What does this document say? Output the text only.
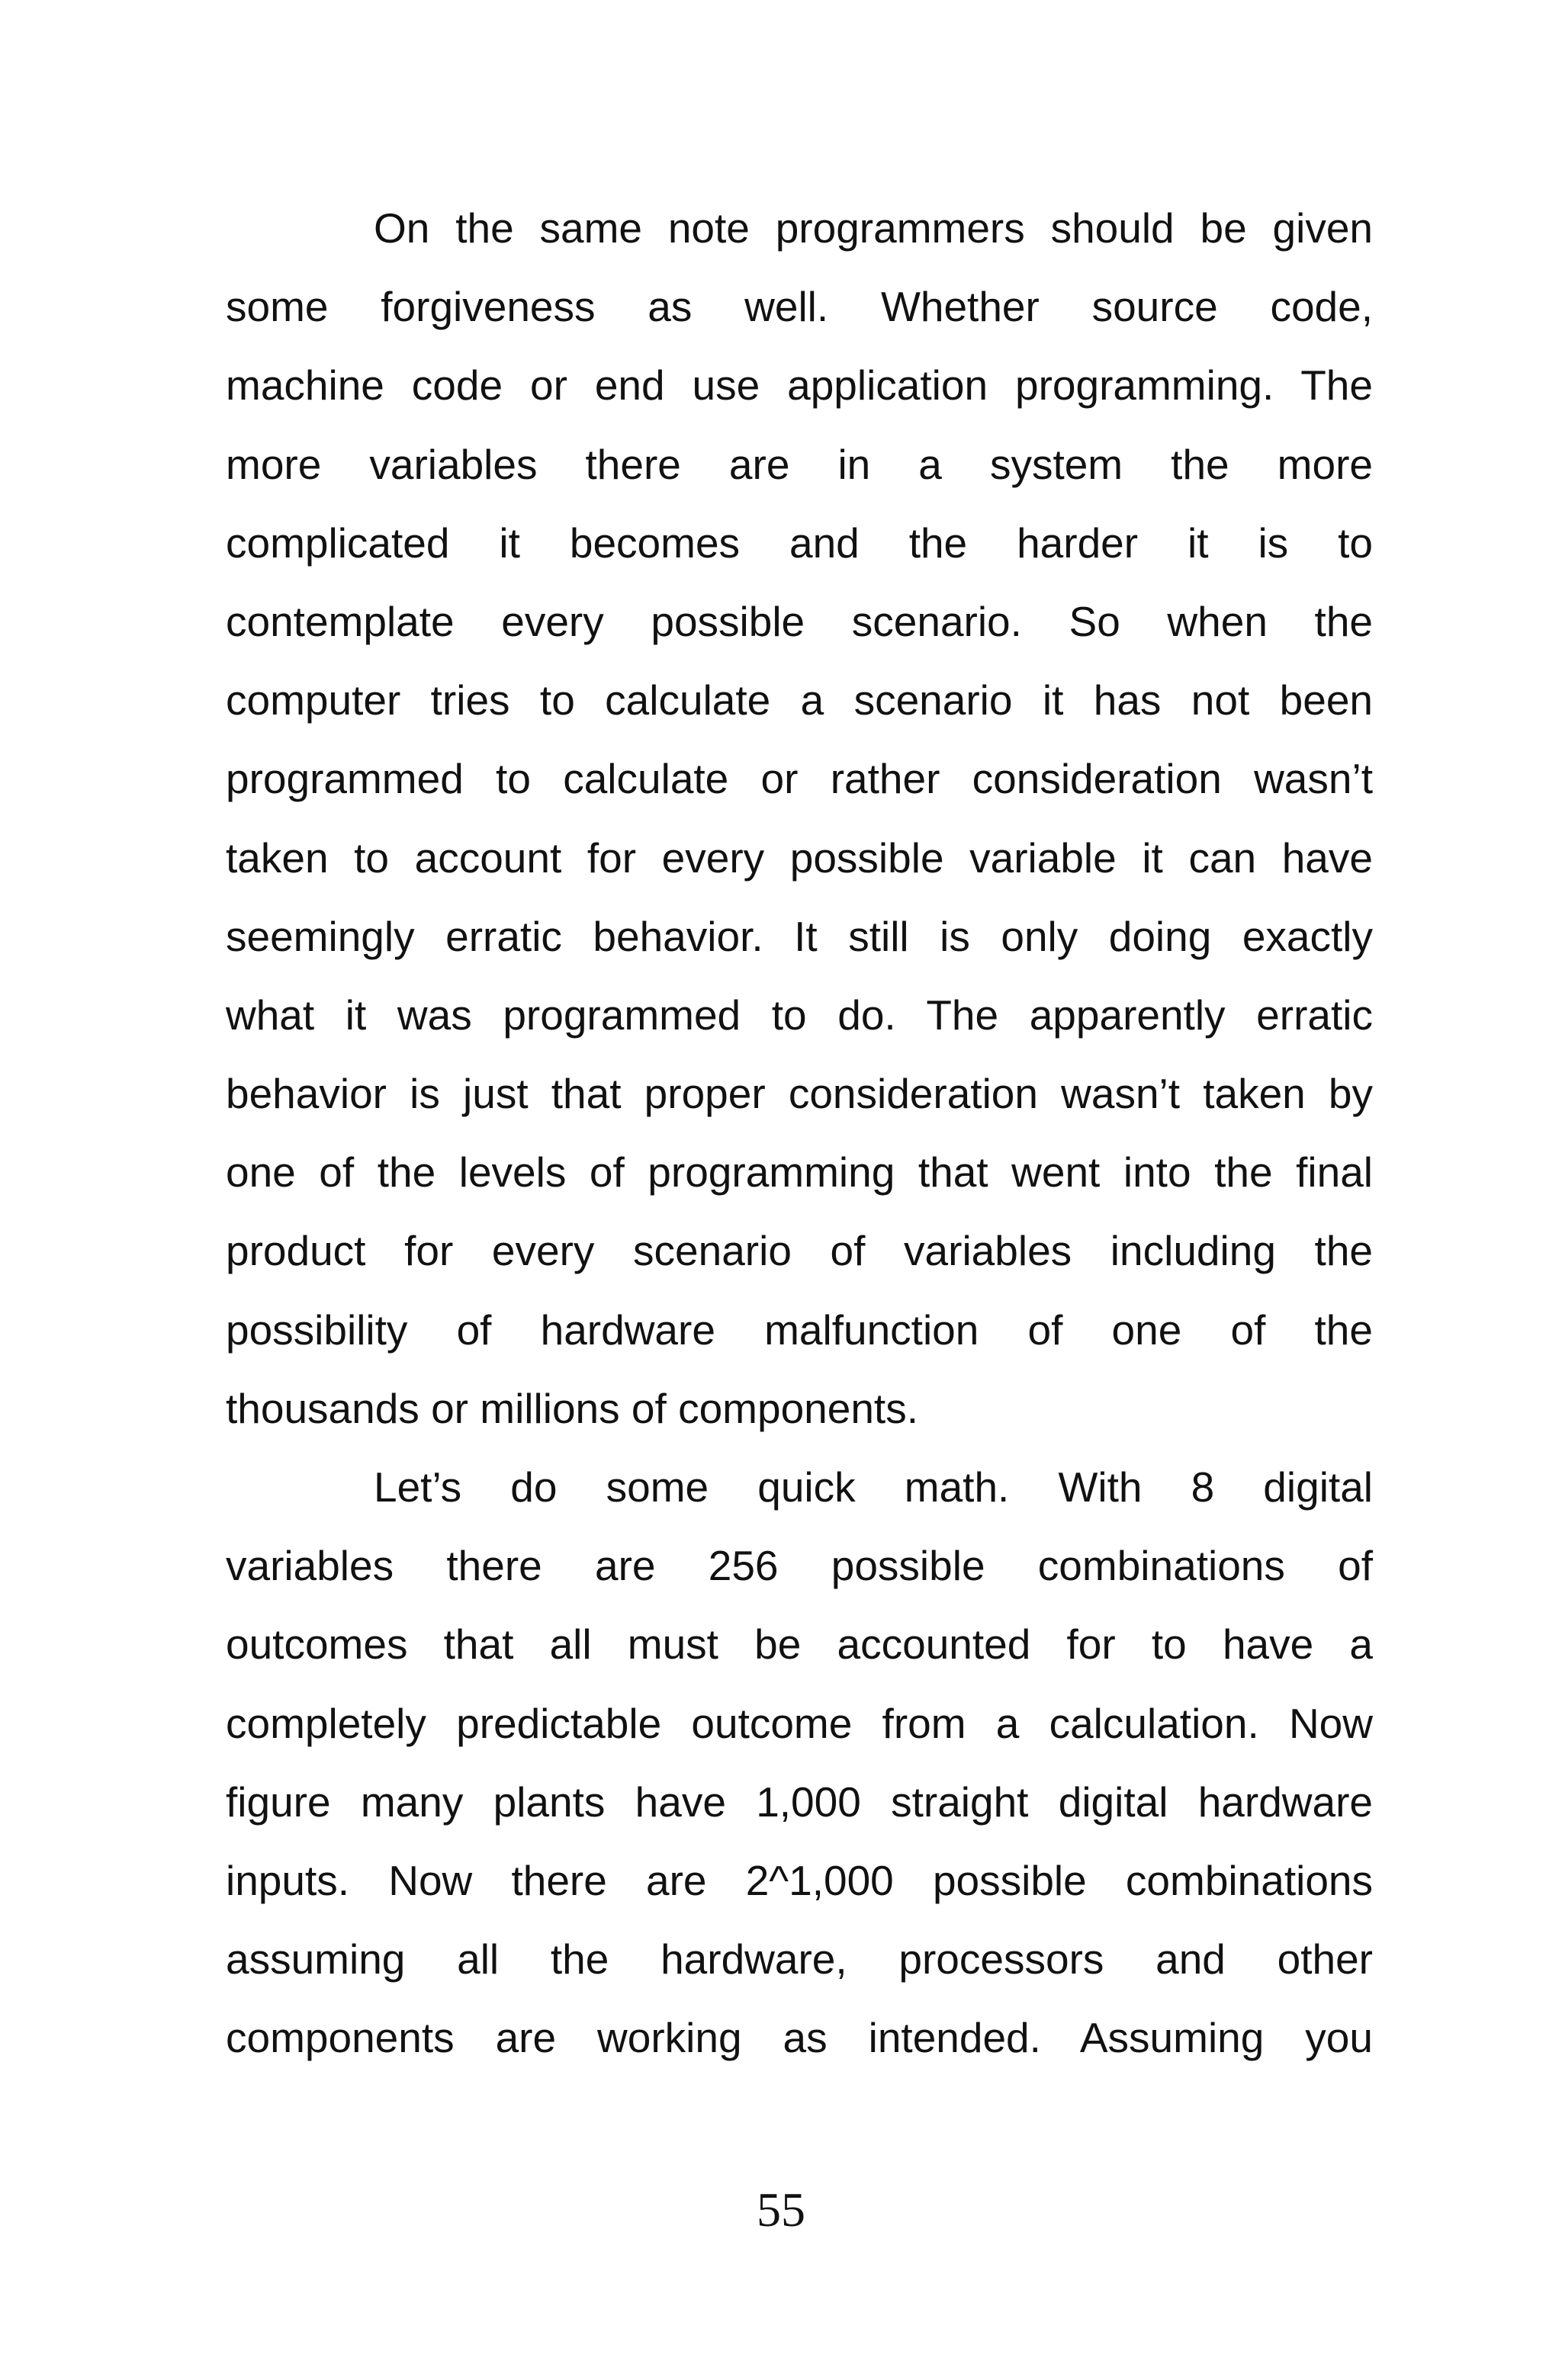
On the same note programmers should be given
some forgiveness as well. Whether source code,
machine code or end use application programming. The
more variables there are in a system the more
complicated it becomes and the harder it is to
contemplate every possible scenario. So when the
computer tries to calculate a scenario it has not been
programmed to calculate or rather consideration wasn’t
taken to account for every possible variable it can have
seemingly erratic behavior. It still is only doing exactly
what it was programmed to do. The apparently erratic
behavior is just that proper consideration wasn’t taken by
one of the levels of programming that went into the final
product for every scenario of variables including the
possibility of hardware malfunction of one of the
thousands or millions of components.
Let’s do some quick math. With 8 digital
variables there are 256 possible combinations of
outcomes that all must be accounted for to have a
completely predictable outcome from a calculation. Now
figure many plants have 1,000 straight digital hardware
inputs. Now there are 2^1,000 possible combinations
assuming all the hardware, processors and other
components are working as intended. Assuming you
55
